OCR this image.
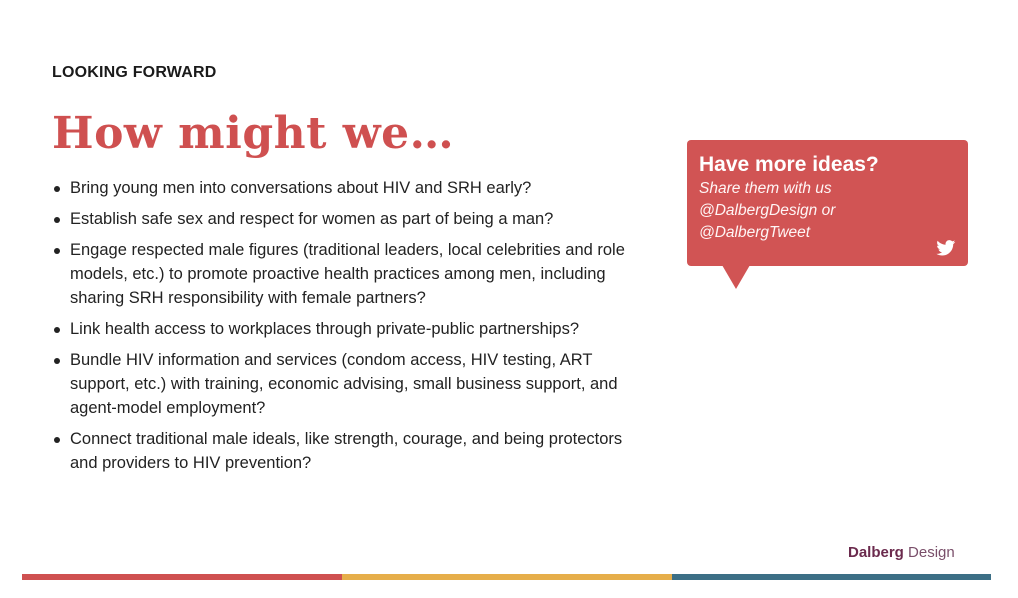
LOOKING FORWARD
How might we…
Bring young men into conversations about HIV and SRH early?
Establish safe sex and respect for women as part of being a man?
Engage respected male figures (traditional leaders, local celebrities and role models, etc.) to promote proactive health practices among men, including sharing SRH responsibility with female partners?
Link health access to workplaces through private-public partnerships?
Bundle HIV information and services (condom access, HIV testing, ART support, etc.) with training, economic advising, small business support, and agent-model employment?
Connect traditional male ideals, like strength, courage, and being protectors and providers to HIV prevention?
Have more ideas?
Share them with us
@DalbergDesign or
@DalbergTweet
Dalberg Design
